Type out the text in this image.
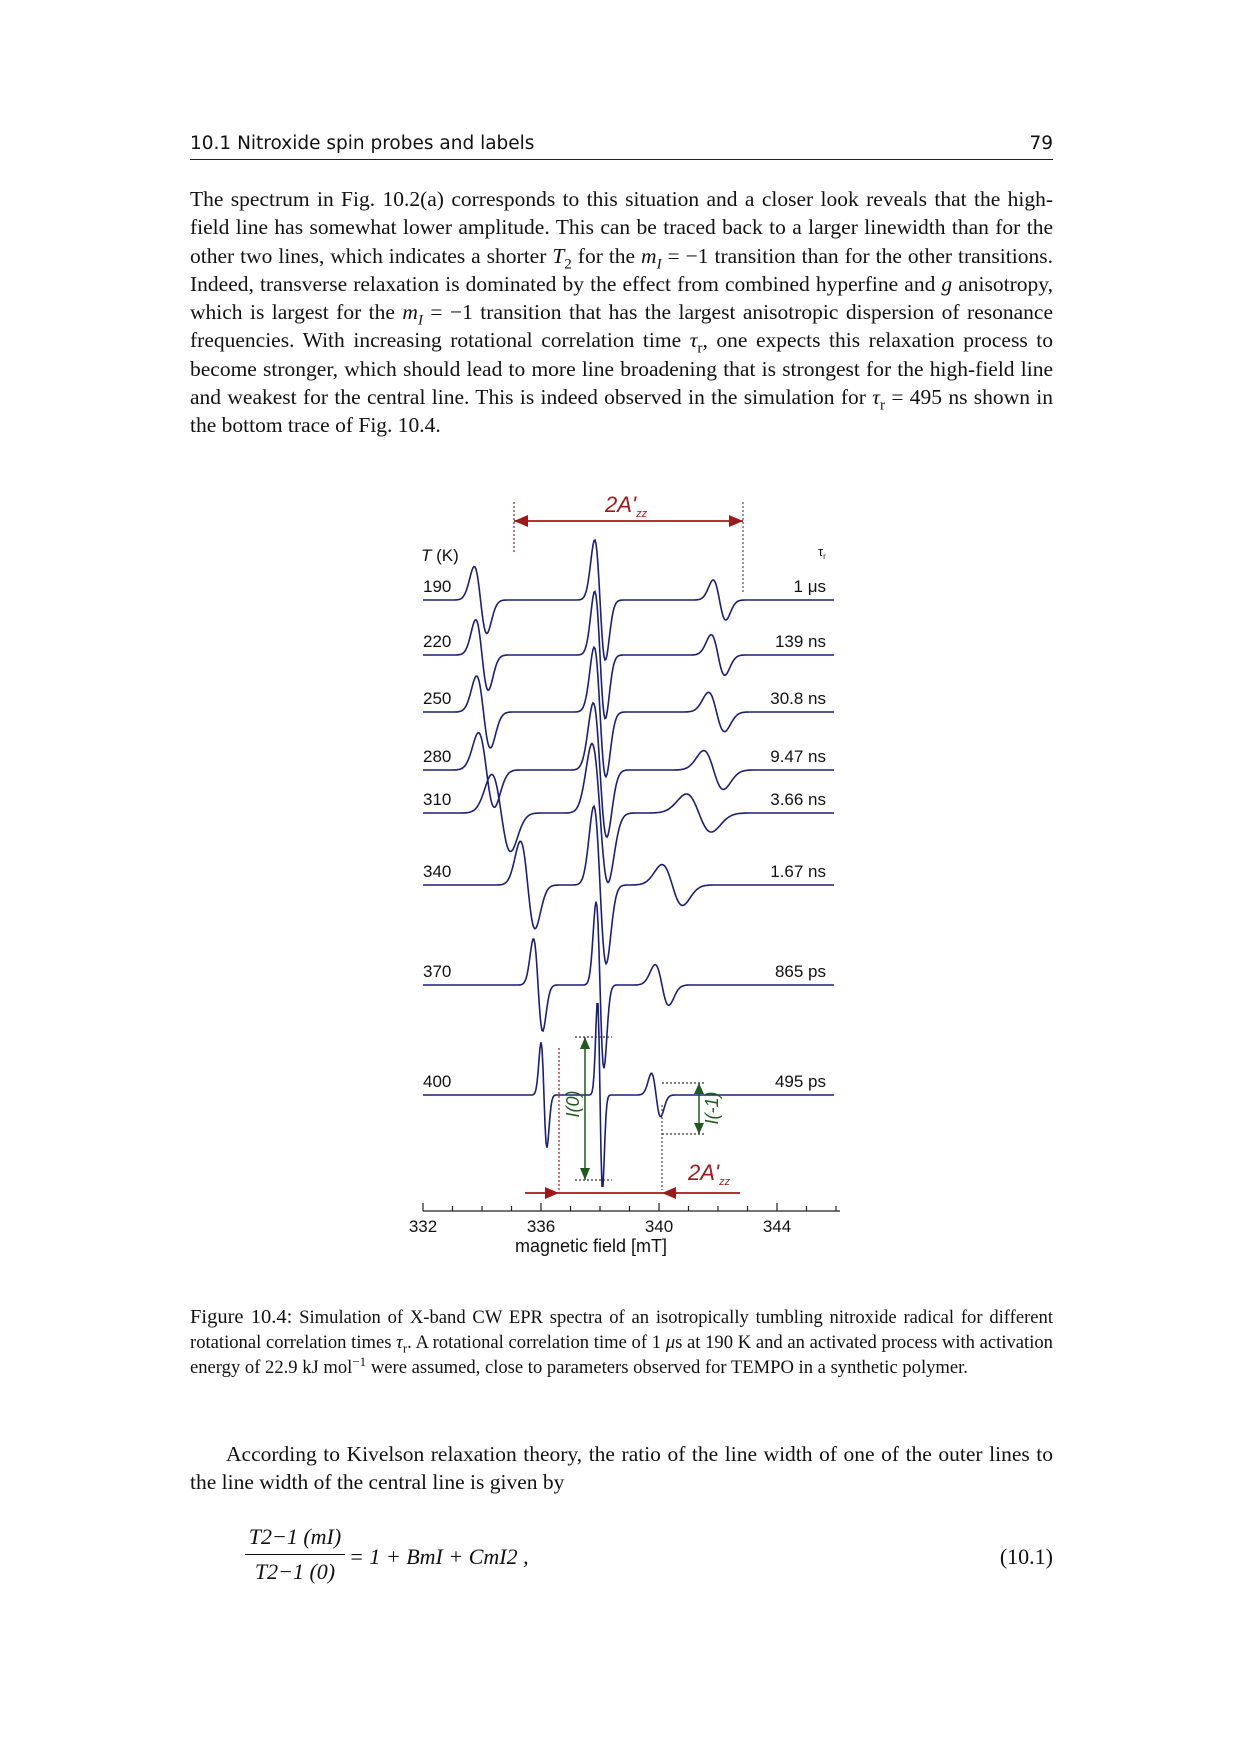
10.1 Nitroxide spin probes and labels	79

The spectrum in Fig. 10.2(a) corresponds to this situation and a closer look reveals that the high-field line has somewhat lower amplitude. This can be traced back to a larger linewidth than for the other two lines, which indicates a shorter $T_2$ for the $m_I = -1$ transition than for the other transitions. Indeed, transverse relaxation is dominated by the effect from combined hyperfine and g anisotropy, which is largest for the $m_I = -1$ transition that has the largest anisotropic dispersion of resonance frequencies. With increasing rotational correlation time $\tau_r$, one expects this relaxation process to become stronger, which should lead to more line broadening that is strongest for the high-field line and weakest for the central line. This is indeed observed in the simulation for $\tau_r = 495$ ns shown in the bottom trace of Fig. 10.4.

190	1 μs
220	139 ns
250	30.8 ns
280	9.47 ns
310	3.66 ns
340	1.67 ns
370	865 ps
400	495 ps
T (K)	$\tau_r$
$2A'_{zz}$
I(0)	I(-1)
$2A'_{zz}$
332	336	340	344
magnetic field [mT]

Figure 10.4: Simulation of X-band CW EPR spectra of an isotropically tumbling nitroxide radical for different rotational correlation times $\tau_r$. A rotational correlation time of 1 μs at 190 K and an activated process with activation energy of 22.9 kJ mol$^{-1}$ were assumed, close to parameters observed for TEMPO in a synthetic polymer.

According to Kivelson relaxation theory, the ratio of the line width of one of the outer lines to the line width of the central line is given by

$\frac{T2-1 (mI)}{T2-1 (0)} = 1$ + BmI + CmI2 ,	(10.1)
